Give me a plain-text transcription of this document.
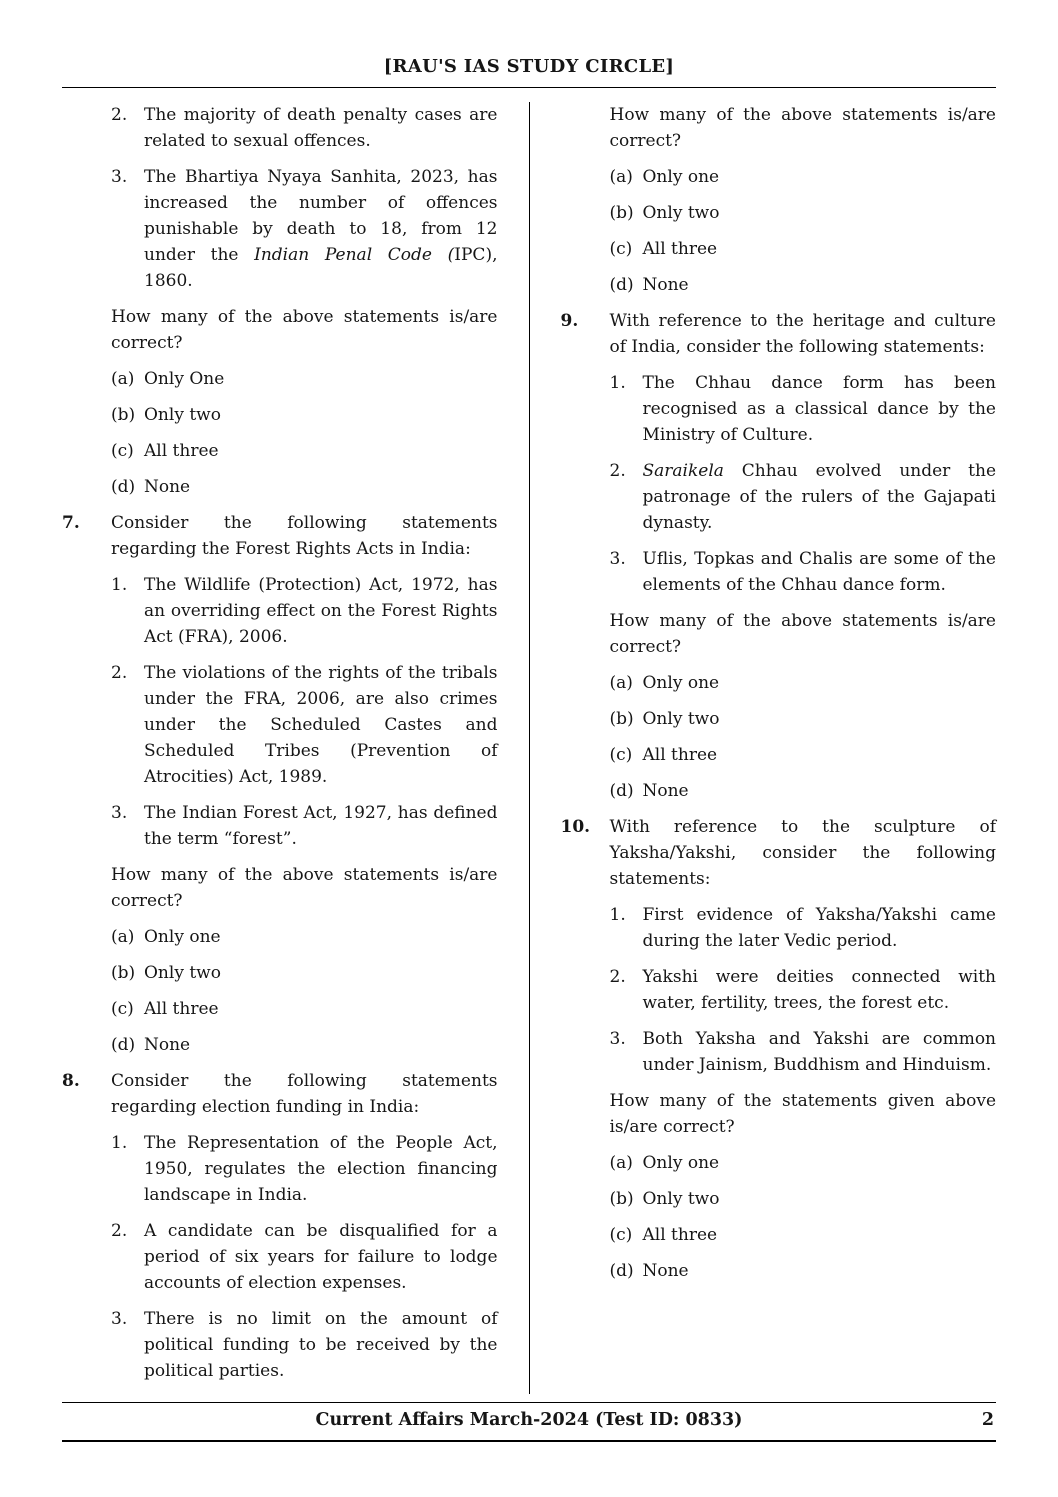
[RAU'S IAS STUDY CIRCLE]
2. The majority of death penalty cases are related to sexual offences.
3. The Bhartiya Nyaya Sanhita, 2023, has increased the number of offences punishable by death to 18, from 12 under the Indian Penal Code (IPC), 1860.
How many of the above statements is/are correct?
(a) Only One
(b) Only two
(c) All three
(d) None
7.	Consider the following statements regarding the Forest Rights Acts in India:
1. The Wildlife (Protection) Act, 1972, has an overriding effect on the Forest Rights Act (FRA), 2006.
2. The violations of the rights of the tribals under the FRA, 2006, are also crimes under the Scheduled Castes and Scheduled Tribes (Prevention of Atrocities) Act, 1989.
3. The Indian Forest Act, 1927, has defined the term “forest”.
How many of the above statements is/are correct?
(a) Only one
(b) Only two
(c) All three
(d) None
8.	Consider the following statements regarding election funding in India:
1. The Representation of the People Act, 1950, regulates the election financing landscape in India.
2. A candidate can be disqualified for a period of six years for failure to lodge accounts of election expenses.
3. There is no limit on the amount of political funding to be received by the political parties.
How many of the above statements is/are correct?
(a) Only one
(b) Only two
(c) All three
(d) None
9.	With reference to the heritage and culture of India, consider the following statements:
1. The Chhau dance form has been recognised as a classical dance by the Ministry of Culture.
2. Saraikela Chhau evolved under the patronage of the rulers of the Gajapati dynasty.
3. Uflis, Topkas and Chalis are some of the elements of the Chhau dance form.
How many of the above statements is/are correct?
(a) Only one
(b) Only two
(c) All three
(d) None
10.	With reference to the sculpture of Yaksha/Yakshi, consider the following statements:
1. First evidence of Yaksha/Yakshi came during the later Vedic period.
2. Yakshi were deities connected with water, fertility, trees, the forest etc.
3. Both Yaksha and Yakshi are common under Jainism, Buddhism and Hinduism.
How many of the statements given above is/are correct?
(a) Only one
(b) Only two
(c) All three
(d) None
Current Affairs March-2024 (Test ID: 0833)	2
